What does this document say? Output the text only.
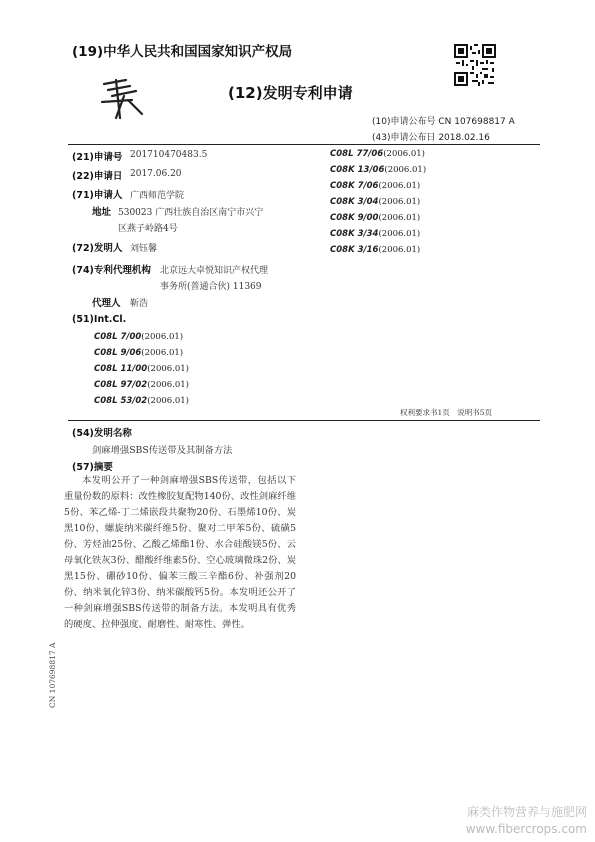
(19)中华人民共和国国家知识产权局
(12)发明专利申请
(10)申请公布号 CN 107698817 A
(43)申请公布日 2018.02.16
(21)申请号 201710470483.5
(22)申请日 2017.06.20
(71)申请人 广西师范学院
地址 530023 广西壮族自治区南宁市兴宁
区燕子岭路4号
(72)发明人 刘钰馨
(74)专利代理机构 北京远大卓悦知识产权代理
事务所(普通合伙) 11369
代理人 靳浩
(51)Int.Cl.
C08L 7/00(2006.01)
C08L 9/06(2006.01)
C08L 11/00(2006.01)
C08L 97/02(2006.01)
C08L 53/02(2006.01)
C08L 77/06(2006.01)
C08K 13/06(2006.01)
C08K 7/06(2006.01)
C08K 3/04(2006.01)
C08K 9/00(2006.01)
C08K 3/34(2006.01)
C08K 3/16(2006.01)
权利要求书1页　说明书5页
(54)发明名称
剑麻增强SBS传送带及其制备方法
(57)摘要
本发明公开了一种剑麻增强SBS传送带，包括以下重量份数的原料：改性橡胶复配物140份、改性剑麻纤维5份、苯乙烯-丁二烯嵌段共聚物20份、石墨烯10份、炭黑10份、螺旋纳米碳纤维5份、聚对二甲苯5份、硫磺5份、芳烃油25份、乙酸乙烯酯1份、水合硅酸镁5份、云母氧化铁灰3份、醋酸纤维素5份、空心玻璃微珠2份、炭黑15份、硼砂10份、偏苯三酸三辛酯6份、补强剂20份、纳米氧化锌3份、纳米碳酸钙5份。本发明还公开了一种剑麻增强SBS传送带的制备方法。本发明具有优秀的硬度、拉伸强度、耐磨性、耐寒性、弹性。
CN 107698817 A
麻类作物营养与施肥网
www.fibercrops.com
